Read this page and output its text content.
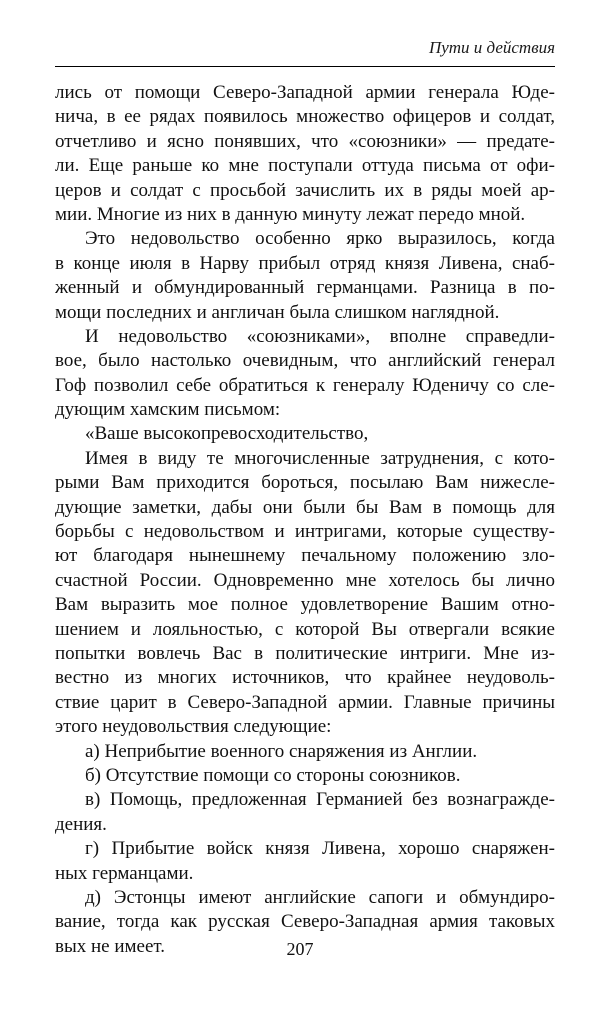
Пути и действия
лись от помощи Северо-Западной армии генерала Юде-
нича, в ее рядах появилось множество офицеров и солдат,
отчетливо и ясно понявших, что «союзники» — предате-
ли. Еще раньше ко мне поступали оттуда письма от офи-
церов и солдат с просьбой зачислить их в ряды моей ар-
мии. Многие из них в данную минуту лежат передо мной.
Это недовольство особенно ярко выразилось, когда
в конце июля в Нарву прибыл отряд князя Ливена, снаб-
женный и обмундированный германцами. Разница в по-
мощи последних и англичан была слишком наглядной.
И недовольство «союзниками», вполне справедли-
вое, было настолько очевидным, что английский генерал
Гоф позволил себе обратиться к генералу Юденичу со сле-
дующим хамским письмом:
«Ваше высокопревосходительство,
Имея в виду те многочисленные затруднения, с кото-
рыми Вам приходится бороться, посылаю Вам нижесле-
дующие заметки, дабы они были бы Вам в помощь для
борьбы с недовольством и интригами, которые существу-
ют благодаря нынешнему печальному положению зло-
счастной России. Одновременно мне хотелось бы лично
Вам выразить мое полное удовлетворение Вашим отно-
шением и лояльностью, с которой Вы отвергали всякие
попытки вовлечь Вас в политические интриги. Мне из-
вестно из многих источников, что крайнее неудоволь-
ствие царит в Северо-Западной армии. Главные причины
этого неудовольствия следующие:
а) Неприбытие военного снаряжения из Англии.
б) Отсутствие помощи со стороны союзников.
в) Помощь, предложенная Германией без вознагражде-
дения.
г) Прибытие войск князя Ливена, хорошо снаряжен-
ных германцами.
д) Эстонцы имеют английские сапоги и обмундиро-
вание, тогда как русская Северо-Западная армия таковых
вых не имеет.	207
